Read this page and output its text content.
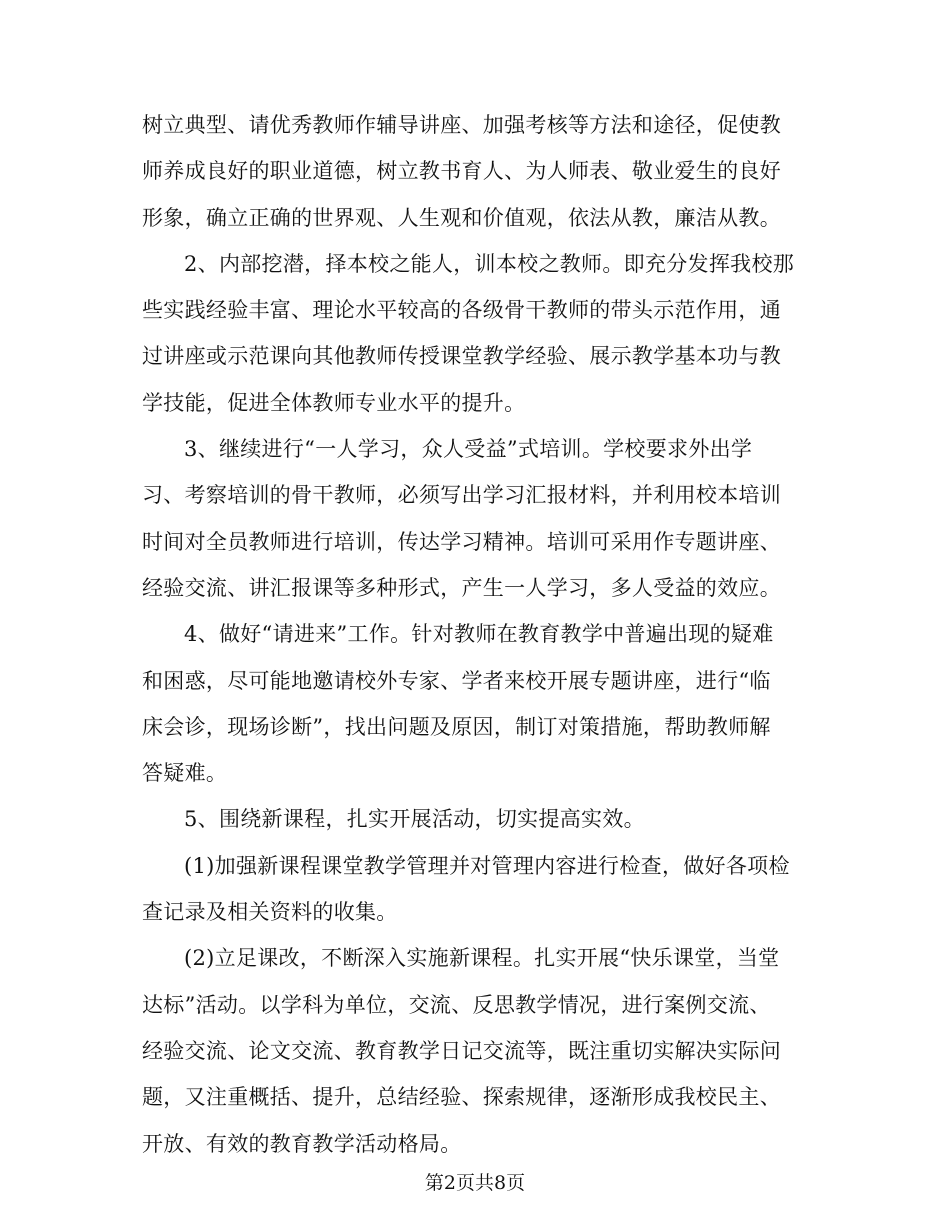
树立典型、请优秀教师作辅导讲座、加强考核等方法和途径，促使教
师养成良好的职业道德，树立教书育人、为人师表、敬业爱生的良好
形象，确立正确的世界观、人生观和价值观，依法从教，廉洁从教。
2、内部挖潜，择本校之能人，训本校之教师。即充分发挥我校那
些实践经验丰富、理论水平较高的各级骨干教师的带头示范作用，通
过讲座或示范课向其他教师传授课堂教学经验、展示教学基本功与教
学技能，促进全体教师专业水平的提升。
3、继续进行“一人学习，众人受益”式培训。学校要求外出学
习、考察培训的骨干教师，必须写出学习汇报材料，并利用校本培训
时间对全员教师进行培训，传达学习精神。培训可采用作专题讲座、
经验交流、讲汇报课等多种形式，产生一人学习，多人受益的效应。
4、做好“请进来”工作。针对教师在教育教学中普遍出现的疑难
和困惑，尽可能地邀请校外专家、学者来校开展专题讲座，进行“临
床会诊，现场诊断”，找出问题及原因，制订对策措施，帮助教师解
答疑难。
5、围绕新课程，扎实开展活动，切实提高实效。
(1)加强新课程课堂教学管理并对管理内容进行检查，做好各项检
查记录及相关资料的收集。
(2)立足课改，不断深入实施新课程。扎实开展“快乐课堂，当堂
达标”活动。以学科为单位，交流、反思教学情况，进行案例交流、
经验交流、论文交流、教育教学日记交流等，既注重切实解决实际问
题，又注重概括、提升，总结经验、探索规律，逐渐形成我校民主、
开放、有效的教育教学活动格局。
第2页共8页
